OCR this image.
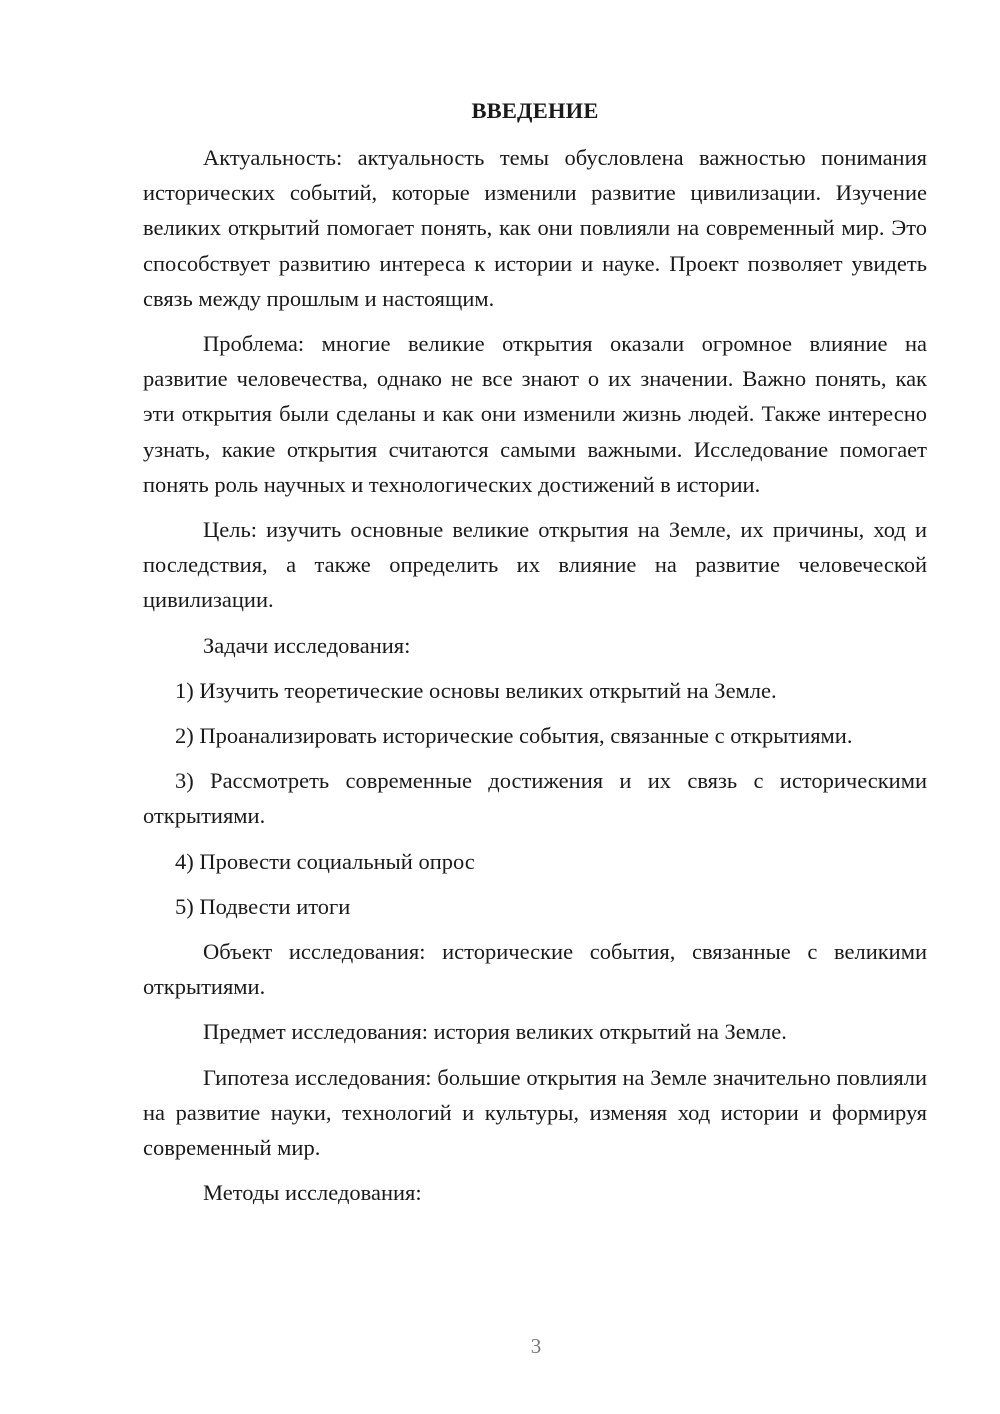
ВВЕДЕНИЕ

Актуальность: актуальность темы обусловлена важностью понимания исторических событий, которые изменили развитие цивилизации. Изучение великих открытий помогает понять, как они повлияли на современный мир. Это способствует развитию интереса к истории и науке. Проект позволяет увидеть связь между прошлым и настоящим.

Проблема: многие великие открытия оказали огромное влияние на развитие человечества, однако не все знают о их значении. Важно понять, как эти открытия были сделаны и как они изменили жизнь людей. Также интересно узнать, какие открытия считаются самыми важными. Исследование помогает понять роль научных и технологических достижений в истории.

Цель: изучить основные великие открытия на Земле, их причины, ход и последствия, а также определить их влияние на развитие человеческой цивилизации.

Задачи исследования:

1) Изучить теоретические основы великих открытий на Земле.

2) Проанализировать исторические события, связанные с открытиями.

3) Рассмотреть современные достижения и их связь с историческими открытиями.

4) Провести социальный опрос

5) Подвести итоги

Объект исследования: исторические события, связанные с великими открытиями.

Предмет исследования: история великих открытий на Земле.

Гипотеза исследования: большие открытия на Земле значительно повлияли на развитие науки, технологий и культуры, изменяя ход истории и формируя современный мир.

Методы исследования:

3
